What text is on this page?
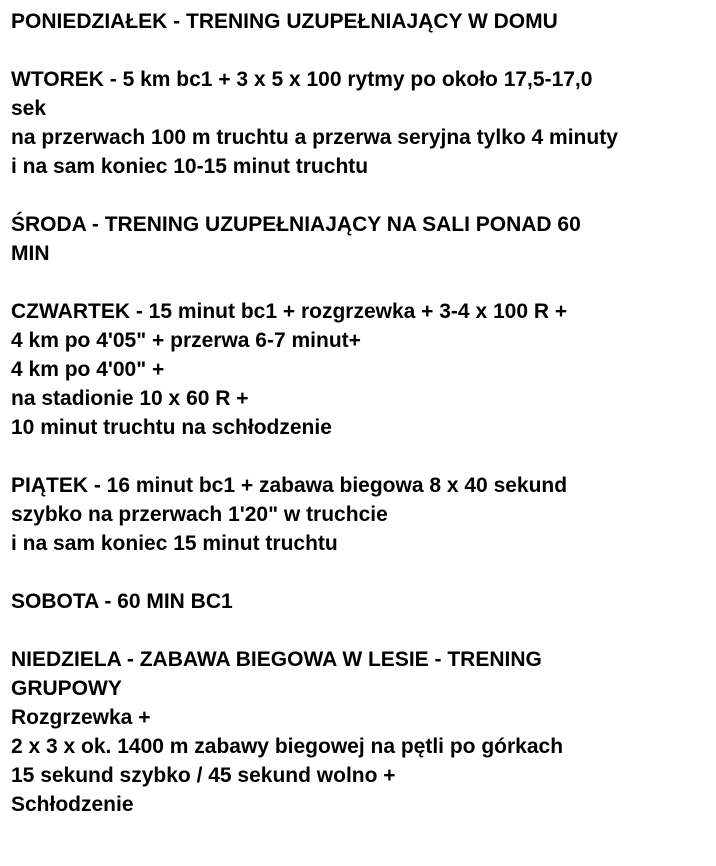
PONIEDZIAŁEK - TRENING UZUPEŁNIAJĄCY W DOMU
WTOREK - 5 km bc1 + 3 x 5 x 100 rytmy po około 17,5-17,0
sek
na przerwach 100 m truchtu a przerwa seryjna tylko 4 minuty
i na sam koniec 10-15 minut truchtu
ŚRODA - TRENING UZUPEŁNIAJĄCY NA SALI PONAD 60
MIN
CZWARTEK - 15 minut bc1 + rozgrzewka + 3-4 x 100 R +
4 km po 4'05" + przerwa 6-7 minut+
4 km po 4'00" +
na stadionie 10 x 60 R +
10 minut truchtu na schłodzenie
PIĄTEK - 16 minut bc1 + zabawa biegowa 8 x 40 sekund
szybko na przerwach 1'20" w truchcie
i na sam koniec 15 minut truchtu
SOBOTA - 60 MIN BC1
NIEDZIELA - ZABAWA BIEGOWA W LESIE - TRENING
GRUPOWY
Rozgrzewka +
2 x 3 x ok. 1400 m zabawy biegowej na pętli po górkach
15 sekund szybko / 45 sekund wolno +
Schłodzenie
